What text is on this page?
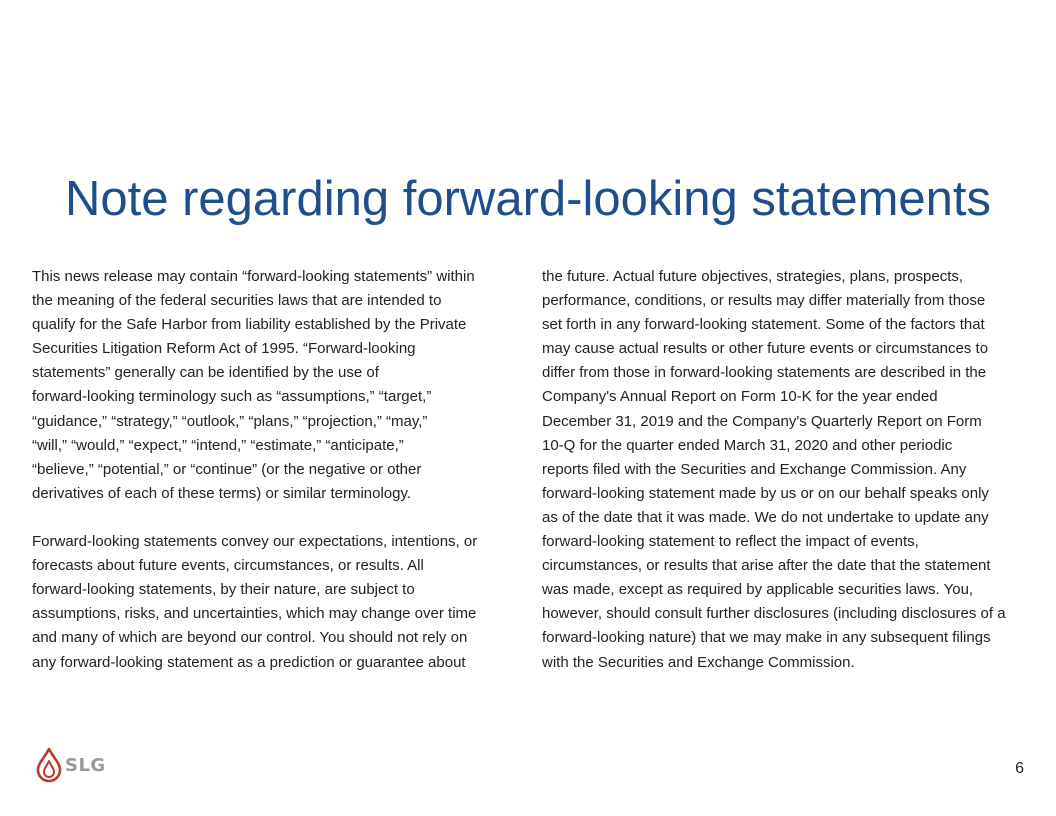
Note regarding forward-looking statements
This news release may contain “forward-looking statements” within
the meaning of the federal securities laws that are intended to
qualify for the Safe Harbor from liability established by the Private
Securities Litigation Reform Act of 1995. “Forward-looking
statements” generally can be identified by the use of
forward-looking terminology such as “assumptions,” “target,”
“guidance,” “strategy,” “outlook,” “plans,” “projection,” “may,”
“will,” “would,” “expect,” “intend,” “estimate,” “anticipate,”
“believe,” “potential,” or “continue” (or the negative or other
derivatives of each of these terms) or similar terminology.
Forward-looking statements convey our expectations, intentions, or
forecasts about future events, circumstances, or results. All
forward-looking statements, by their nature, are subject to
assumptions, risks, and uncertainties, which may change over time
and many of which are beyond our control. You should not rely on
any forward-looking statement as a prediction or guarantee about
the future. Actual future objectives, strategies, plans, prospects,
performance, conditions, or results may differ materially from those
set forth in any forward-looking statement. Some of the factors that
may cause actual results or other future events or circumstances to
differ from those in forward-looking statements are described in the
Company's Annual Report on Form 10-K for the year ended
December 31, 2019 and the Company's Quarterly Report on Form
10-Q for the quarter ended March 31, 2020 and other periodic
reports filed with the Securities and Exchange Commission. Any
forward-looking statement made by us or on our behalf speaks only
as of the date that it was made. We do not undertake to update any
forward-looking statement to reflect the impact of events,
circumstances, or results that arise after the date that the statement
was made, except as required by applicable securities laws. You,
however, should consult further disclosures (including disclosures of a
forward-looking nature) that we may make in any subsequent filings
with the Securities and Exchange Commission.
SLG	6
